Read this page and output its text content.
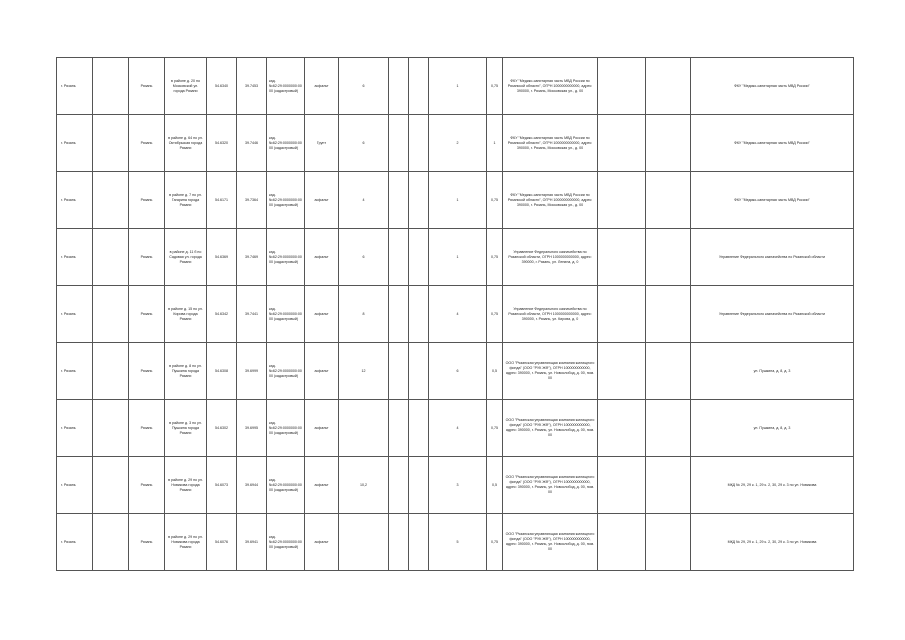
г. Рязань		Рязань	в районе д. 20 по Московской ул. города Рязани	54.6340	39.7453	кад.№62:29:0000000:0000 (кадастровый)	асфальт	6			1	0,75	ФКУ "Медико-санитарная часть МВД России по Рязанской области", ОГРН 1000000000000, адрес: 390000, г. Рязань, Московская ул., д. 00			ФКУ "Медико-санитарная часть МВД России"
г. Рязань		Рязань	в районе д. 64 по ул. Октябрьская города Рязани	54.6320	39.7446	кад.№62:29:0000000:0000 (кадастровый)	Грунт	6			2	1	ФКУ "Медико-санитарная часть МВД России по Рязанской области", ОГРН 1000000000000, адрес: 390000, г. Рязань, Московская ул., д. 00			ФКУ "Медико-санитарная часть МВД России"
г. Рязань		Рязань	в районе д. 7 по ул. Гагарина города Рязани	54.6171	39.7364	кад.№62:29:0000000:0000 (кадастровый)	асфальт	4			1	0,75	ФКУ "Медико-санитарная часть МВД России по Рязанской области", ОГРН 1000000000000, адрес: 390000, г. Рязань, Московская ул., д. 00			ФКУ "Медико-санитарная часть МВД России"
г. Рязань		Рязань	в районе д. 11 б по Садовая ул. города Рязани	54.6369	39.7469	кад.№62:29:0000000:0000 (кадастровый)	асфальт	6			1	0,75	Управление Федерального казначейства по Рязанской области, ОГРН 1000000000000, адрес: 390000, г. Рязань, ул. Ленина, д. 0			Управление Федерального казначейства по Рязанской области
г. Рязань		Рязань	в районе д. 15 по ул. Кирова города Рязани	54.6342	39.7441	кад.№62:29:0000000:0000 (кадастровый)	асфальт	8			4	0,75	Управление Федерального казначейства по Рязанской области, ОГРН 1000000000000, адрес: 390000, г. Рязань, ул. Кирова, д. 0			Управление Федерального казначейства по Рязанской области
г. Рязань		Рязань	в районе д. 8 по ул. Пушкина города Рязани	54.6308	39.6999	кад.№62:29:0000000:0000 (кадастровый)	асфальт	12			6	0,5	ООО "Рязанская управляющая компания жилищного фонда" (ООО "РУК ЖФ"), ОГРН 1000000000000, адрес: 390000, г. Рязань, ул. Новослобод, д. 00, пом. 00			ул. Пушкина, д. 8, д. 3
г. Рязань		Рязань	в районе д. 3 по ул. Пушкина города Рязани	54.6302	39.6995	кад.№62:29:0000000:0000 (кадастровый)	асфальт				4	0,75	ООО "Рязанская управляющая компания жилищного фонда" (ООО "РУК ЖФ"), ОГРН 1000000000000, адрес: 390000, г. Рязань, ул. Новослобод, д. 00, пом. 00			ул. Пушкина, д. 8, д. 3
г. Рязань		Рязань	в районе д. 29 по ул. Новикова города Рязани	54.6073	39.6944	кад.№62:29:0000000:0000 (кадастровый)	асфальт	10,2			3	0,5	ООО "Рязанская управляющая компания жилищного фонда" (ООО "РУК ЖФ"), ОГРН 1000000000000, адрес: 390000, г. Рязань, ул. Новослобод, д. 00, пом. 00			МКД № 29, 29 к. 1, 29 к. 2, 30, 29 к. 3 по ул. Новикова
г. Рязань		Рязань	в районе д. 29 по ул. Новикова города Рязани	54.6076	39.6941	кад.№62:29:0000000:0000 (кадастровый)	асфальт				5	0,75	ООО "Рязанская управляющая компания жилищного фонда" (ООО "РУК ЖФ"), ОГРН 1000000000000, адрес: 390000, г. Рязань, ул. Новослобод, д. 00, пом. 00			МКД № 29, 29 к. 1, 29 к. 2, 30, 29 к. 3 по ул. Новикова
